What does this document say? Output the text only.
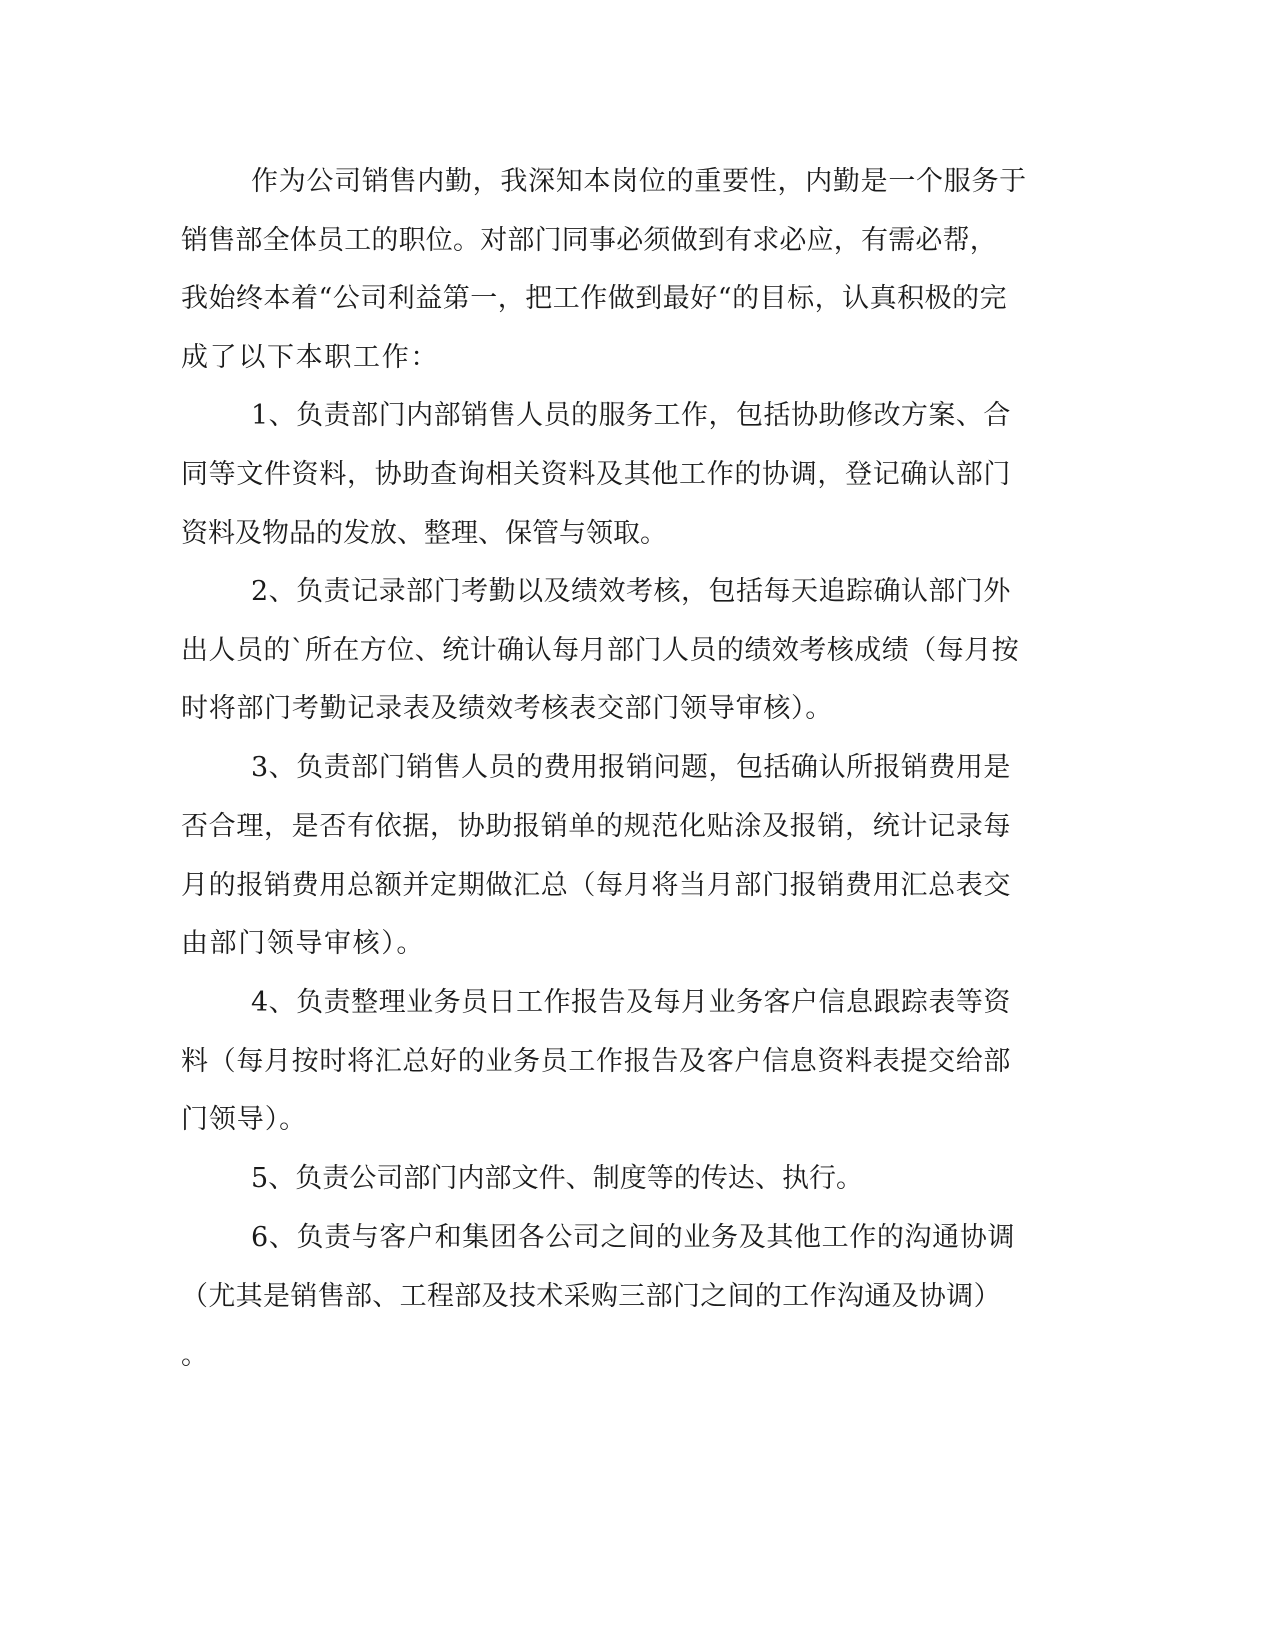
作为公司销售内勤，我深知本岗位的重要性，内勤是一个服务于

销售部全体员工的职位。对部门同事必须做到有求必应，有需必帮，

我始终本着“公司利益第一，把工作做到最好“的目标，认真积极的完

成了以下本职工作：

1、负责部门内部销售人员的服务工作，包括协助修改方案、合

同等文件资料，协助查询相关资料及其他工作的协调，登记确认部门

资料及物品的发放、整理、保管与领取。

2、负责记录部门考勤以及绩效考核，包括每天追踪确认部门外

出人员的`所在方位、统计确认每月部门人员的绩效考核成绩（每月按

时将部门考勤记录表及绩效考核表交部门领导审核）。

3、负责部门销售人员的费用报销问题，包括确认所报销费用是

否合理，是否有依据，协助报销单的规范化贴涂及报销，统计记录每

月的报销费用总额并定期做汇总（每月将当月部门报销费用汇总表交

由部门领导审核）。

4、负责整理业务员日工作报告及每月业务客户信息跟踪表等资

料（每月按时将汇总好的业务员工作报告及客户信息资料表提交给部

门领导）。

5、负责公司部门内部文件、制度等的传达、执行。

6、负责与客户和集团各公司之间的业务及其他工作的沟通协调

（尤其是销售部、工程部及技术采购三部门之间的工作沟通及协调）

。
